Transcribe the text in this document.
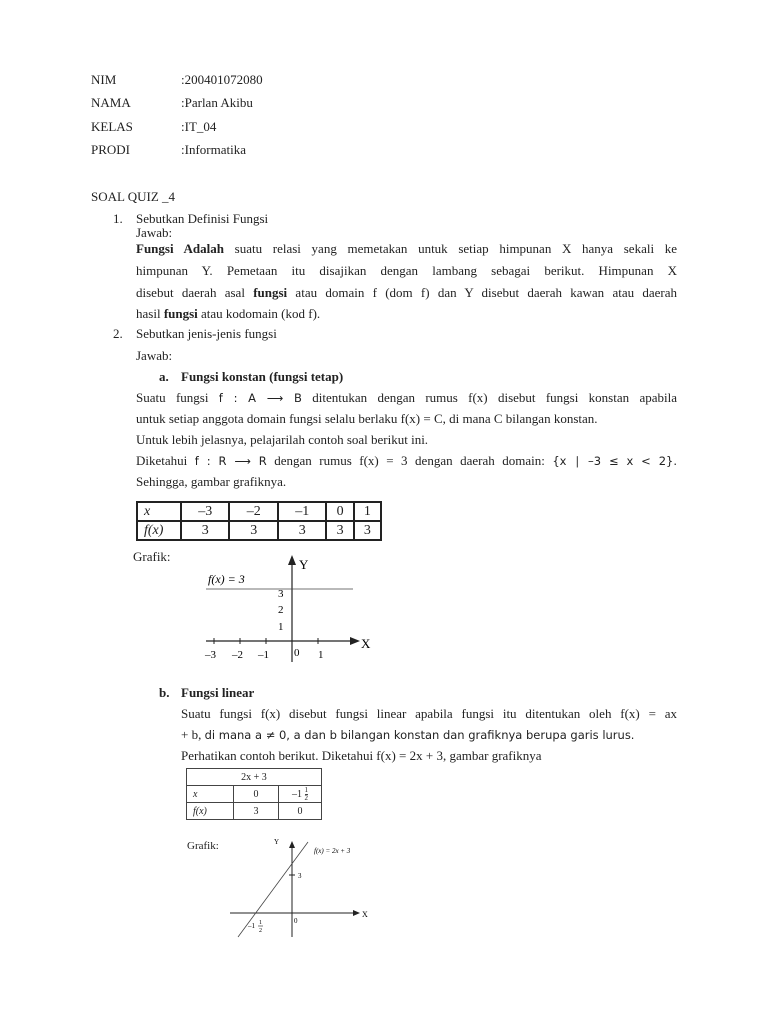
NIM	:200401072080
NAMA	:Parlan Akibu
KELAS	:IT_04
PRODI	:Informatika
SOAL QUIZ _4
1. Sebutkan Definisi Fungsi
Jawab:
Fungsi Adalah suatu relasi yang memetakan untuk setiap himpunan X hanya sekali ke
himpunan Y. Pemetaan itu disajikan dengan lambang sebagai berikut. Himpunan X
disebut daerah asal fungsi atau domain f (dom f) dan Y disebut daerah kawan atau daerah
hasil fungsi atau kodomain (kod f).
2. Sebutkan jenis-jenis fungsi
Jawab:
a. Fungsi konstan (fungsi tetap)
Suatu fungsi f : A ⟶ B ditentukan dengan rumus f(x) disebut fungsi konstan apabila
untuk setiap anggota domain fungsi selalu berlaku f(x) = C, di mana C bilangan konstan.
Untuk lebih jelasnya, pelajarilah contoh soal berikut ini.
Diketahui f : R ⟶ R dengan rumus f(x) = 3 dengan daerah domain: {x ∣ –3 ≤ x < 2}.
Sehingga, gambar grafiknya.
x	–3	–2	–1	0	1
f(x)	3	3	3	3	3
Grafik:
Y
X
f(x) = 3
3
2
1
–3 –2 –1 0 1
b. Fungsi linear
Suatu fungsi f(x) disebut fungsi linear apabila fungsi itu ditentukan oleh f(x) = ax
+ b, di mana a ≠ 0, a dan b bilangan konstan dan grafiknya berupa garis lurus.
Perhatikan contoh berikut. Diketahui f(x) = 2x + 3, gambar grafiknya
2x + 3		
x	0	$-1 \frac{1}{2}$

f(x)	3	0
Grafik:	Y
X
f(x) = 2x + 3
3
0
–1 1
2
